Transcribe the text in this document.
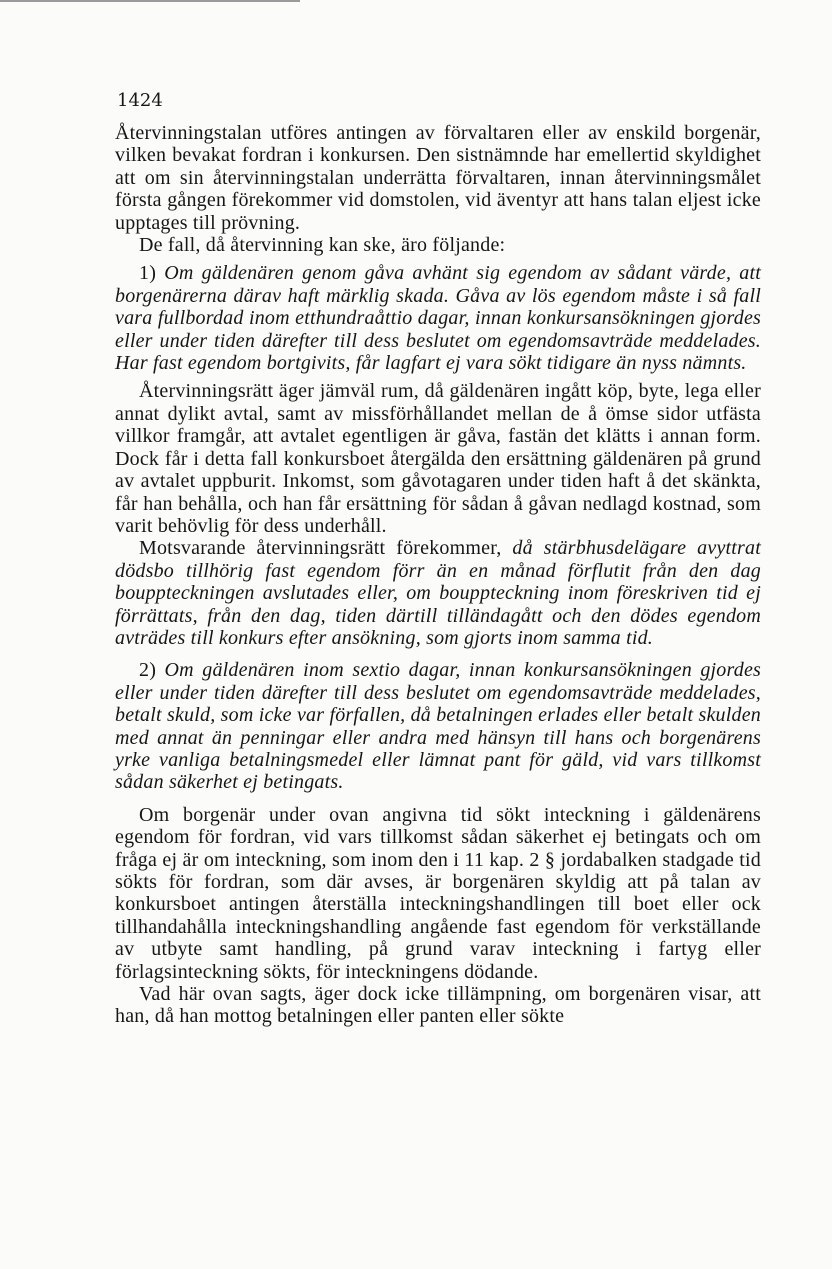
1424

Återvinningstalan utföres antingen av förvaltaren eller av enskild borgenär, vilken bevakat fordran i konkursen. Den sistnämnde har emellertid skyldighet att om sin återvinningstalan underrätta förvaltaren, innan återvinningsmålet första gången förekommer vid domstolen, vid äventyr att hans talan eljest icke upptages till prövning.

De fall, då återvinning kan ske, äro följande:

1) Om gäldenären genom gåva avhänt sig egendom av sådant värde, att borgenärerna därav haft märklig skada. Gåva av lös egendom måste i så fall vara fullbordad inom etthundraåttio dagar, innan konkursansökningen gjordes eller under tiden därefter till dess beslutet om egendomsavträde meddelades. Har fast egendom bortgivits, får lagfart ej vara sökt tidigare än nyss nämnts.

Återvinningsrätt äger jämväl rum, då gäldenären ingått köp, byte, lega eller annat dylikt avtal, samt av missförhållandet mellan de å ömse sidor utfästa villkor framgår, att avtalet egentligen är gåva, fastän det klätts i annan form. Dock får i detta fall konkursboet återgälda den ersättning gäldenären på grund av avtalet uppburit. Inkomst, som gåvotagaren under tiden haft å det skänkta, får han behålla, och han får ersättning för sådan å gåvan nedlagd kostnad, som varit behövlig för dess underhåll.

Motsvarande återvinningsrätt förekommer, då stärbhusdelägare avyttrat dödsbo tillhörig fast egendom förr än en månad förflutit från den dag bouppteckningen avslutades eller, om bouppteckning inom föreskriven tid ej förrättats, från den dag, tiden därtill tilländagått och den dödes egendom avträdes till konkurs efter ansökning, som gjorts inom samma tid.

2) Om gäldenären inom sextio dagar, innan konkursansökningen gjordes eller under tiden därefter till dess beslutet om egendomsavträde meddelades, betalt skuld, som icke var förfallen, då betalningen erlades eller betalt skulden med annat än penningar eller andra med hänsyn till hans och borgenärens yrke vanliga betalningsmedel eller lämnat pant för gäld, vid vars tillkomst sådan säkerhet ej betingats.

Om borgenär under ovan angivna tid sökt inteckning i gäldenärens egendom för fordran, vid vars tillkomst sådan säkerhet ej betingats och om fråga ej är om inteckning, som inom den i 11 kap. 2 § jordabalken stadgade tid sökts för fordran, som där avses, är borgenären skyldig att på talan av konkursboet antingen återställa inteckningshandlingen till boet eller ock tillhandahålla inteckningshandling angående fast egendom för verkställande av utbyte samt handling, på grund varav inteckning i fartyg eller förlagsinteckning sökts, för inteckningens dödande.

Vad här ovan sagts, äger dock icke tillämpning, om borgenären visar, att han, då han mottog betalningen eller panten eller sökte
